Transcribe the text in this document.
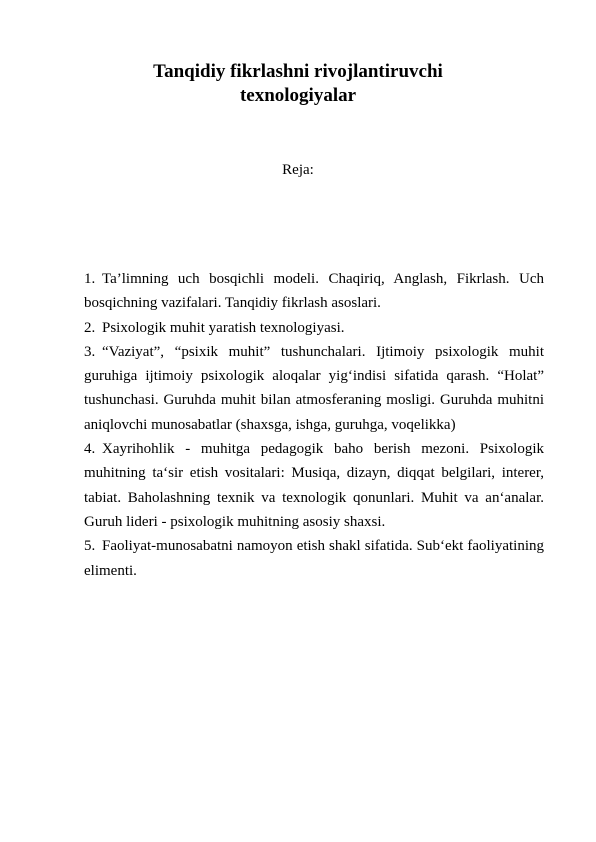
Tanqidiy fikrlashni rivojlantiruvchi
texnologiyalar
Reja:
1. Ta’limning uch bosqichli modeli. Chaqiriq, Anglash, Fikrlash. Uch bosqichning vazifalari. Tanqidiy fikrlash asoslari.
2. Psixologik muhit yaratish texnologiyasi.
3. “Vaziyat”, “psixik muhit” tushunchalari. Ijtimoiy psixologik muhit guruhiga ijtimoiy psixologik aloqalar yig‘indisi sifatida qarash. “Holat” tushunchasi. Guruhda muhit bilan atmosferaning mosligi. Guruhda muhitni aniqlovchi munosabatlar (shaxsga, ishga, guruhga, voqelikka)
4. Xayrihohlik - muhitga pedagogik baho berish mezoni. Psixologik muhitning ta‘sir etish vositalari: Musiqa, dizayn, diqqat belgilari, interer, tabiat. Baholashning texnik va texnologik qonunlari. Muhit va an‘analar. Guruh lideri - psixologik muhitning asosiy shaxsi.
5. Faoliyat-munosabatni namoyon etish shakl sifatida. Sub‘ekt faoliyatining elimenti.
